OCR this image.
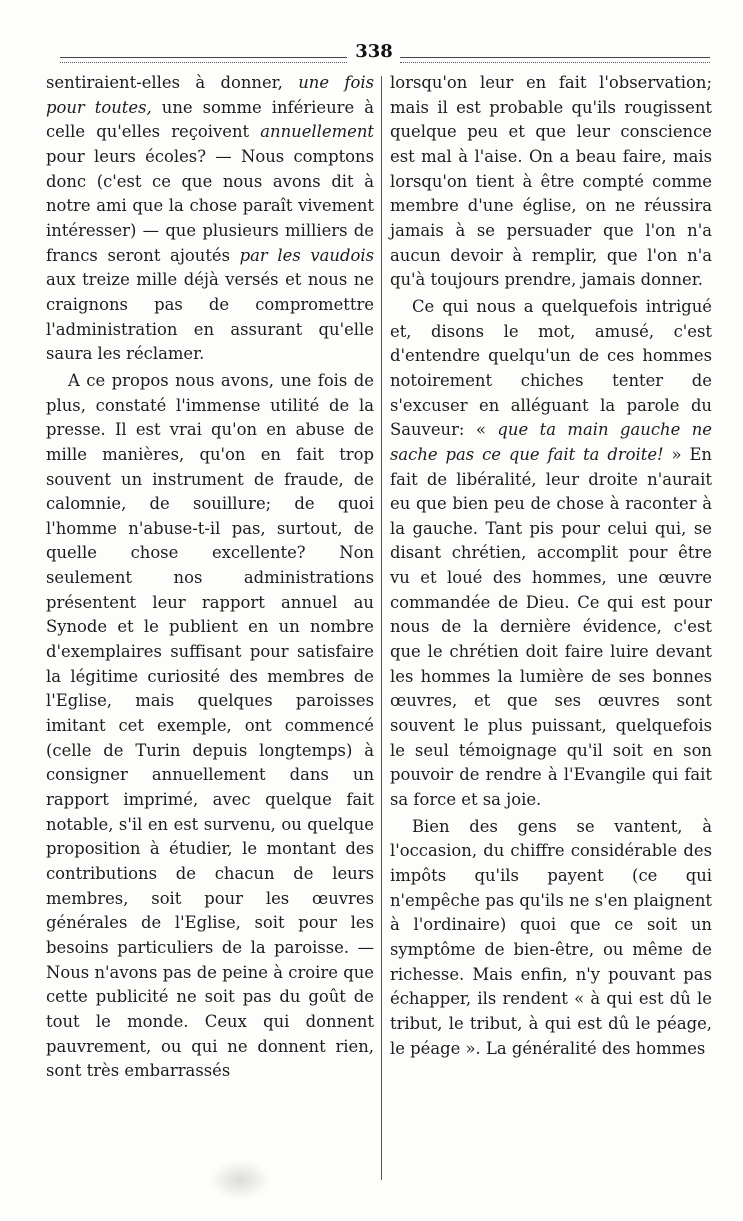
338

sentiraient-elles à donner, une fois pour toutes, une somme inférieure à celle qu'elles reçoivent annuellement pour leurs écoles? — Nous comptons donc (c'est ce que nous avons dit à notre ami que la chose paraît vivement intéresser) — que plusieurs milliers de francs seront ajoutés par les vaudois aux treize mille déjà versés et nous ne craignons pas de compromettre l'administration en assurant qu'elle saura les réclamer.

A ce propos nous avons, une fois de plus, constaté l'immense utilité de la presse. Il est vrai qu'on en abuse de mille manières, qu'on en fait trop souvent un instrument de fraude, de calomnie, de souillure; de quoi l'homme n'abuse-t-il pas, surtout, de quelle chose excellente? Non seulement nos administrations présentent leur rapport annuel au Synode et le publient en un nombre d'exemplaires suffisant pour satisfaire la légitime curiosité des membres de l'Eglise, mais quelques paroisses imitant cet exemple, ont commencé (celle de Turin depuis longtemps) à consigner annuellement dans un rapport imprimé, avec quelque fait notable, s'il en est survenu, ou quelque proposition à étudier, le montant des contributions de chacun de leurs membres, soit pour les œuvres générales de l'Eglise, soit pour les besoins particuliers de la paroisse. — Nous n'avons pas de peine à croire que cette publicité ne soit pas du goût de tout le monde. Ceux qui donnent pauvrement, ou qui ne donnent rien, sont très embarrassés

lorsqu'on leur en fait l'observation; mais il est probable qu'ils rougissent quelque peu et que leur conscience est mal à l'aise. On a beau faire, mais lorsqu'on tient à être compté comme membre d'une église, on ne réussira jamais à se persuader que l'on n'a aucun devoir à remplir, que l'on n'a qu'à toujours prendre, jamais donner.

Ce qui nous a quelquefois intrigué et, disons le mot, amusé, c'est d'entendre quelqu'un de ces hommes notoirement chiches tenter de s'excuser en alléguant la parole du Sauveur: « que ta main gauche ne sache pas ce que fait ta droite! » En fait de libéralité, leur droite n'aurait eu que bien peu de chose à raconter à la gauche. Tant pis pour celui qui, se disant chrétien, accomplit pour être vu et loué des hommes, une œuvre commandée de Dieu. Ce qui est pour nous de la dernière évidence, c'est que le chrétien doit faire luire devant les hommes la lumière de ses bonnes œuvres, et que ses œuvres sont souvent le plus puissant, quelquefois le seul témoignage qu'il soit en son pouvoir de rendre à l'Evangile qui fait sa force et sa joie.

Bien des gens se vantent, à l'occasion, du chiffre considérable des impôts qu'ils payent (ce qui n'empêche pas qu'ils ne s'en plaignent à l'ordinaire) quoi que ce soit un symptôme de bien-être, ou même de richesse. Mais enfin, n'y pouvant pas échapper, ils rendent « à qui est dû le tribut, le tribut, à qui est dû le péage, le péage ». La généralité des hommes
